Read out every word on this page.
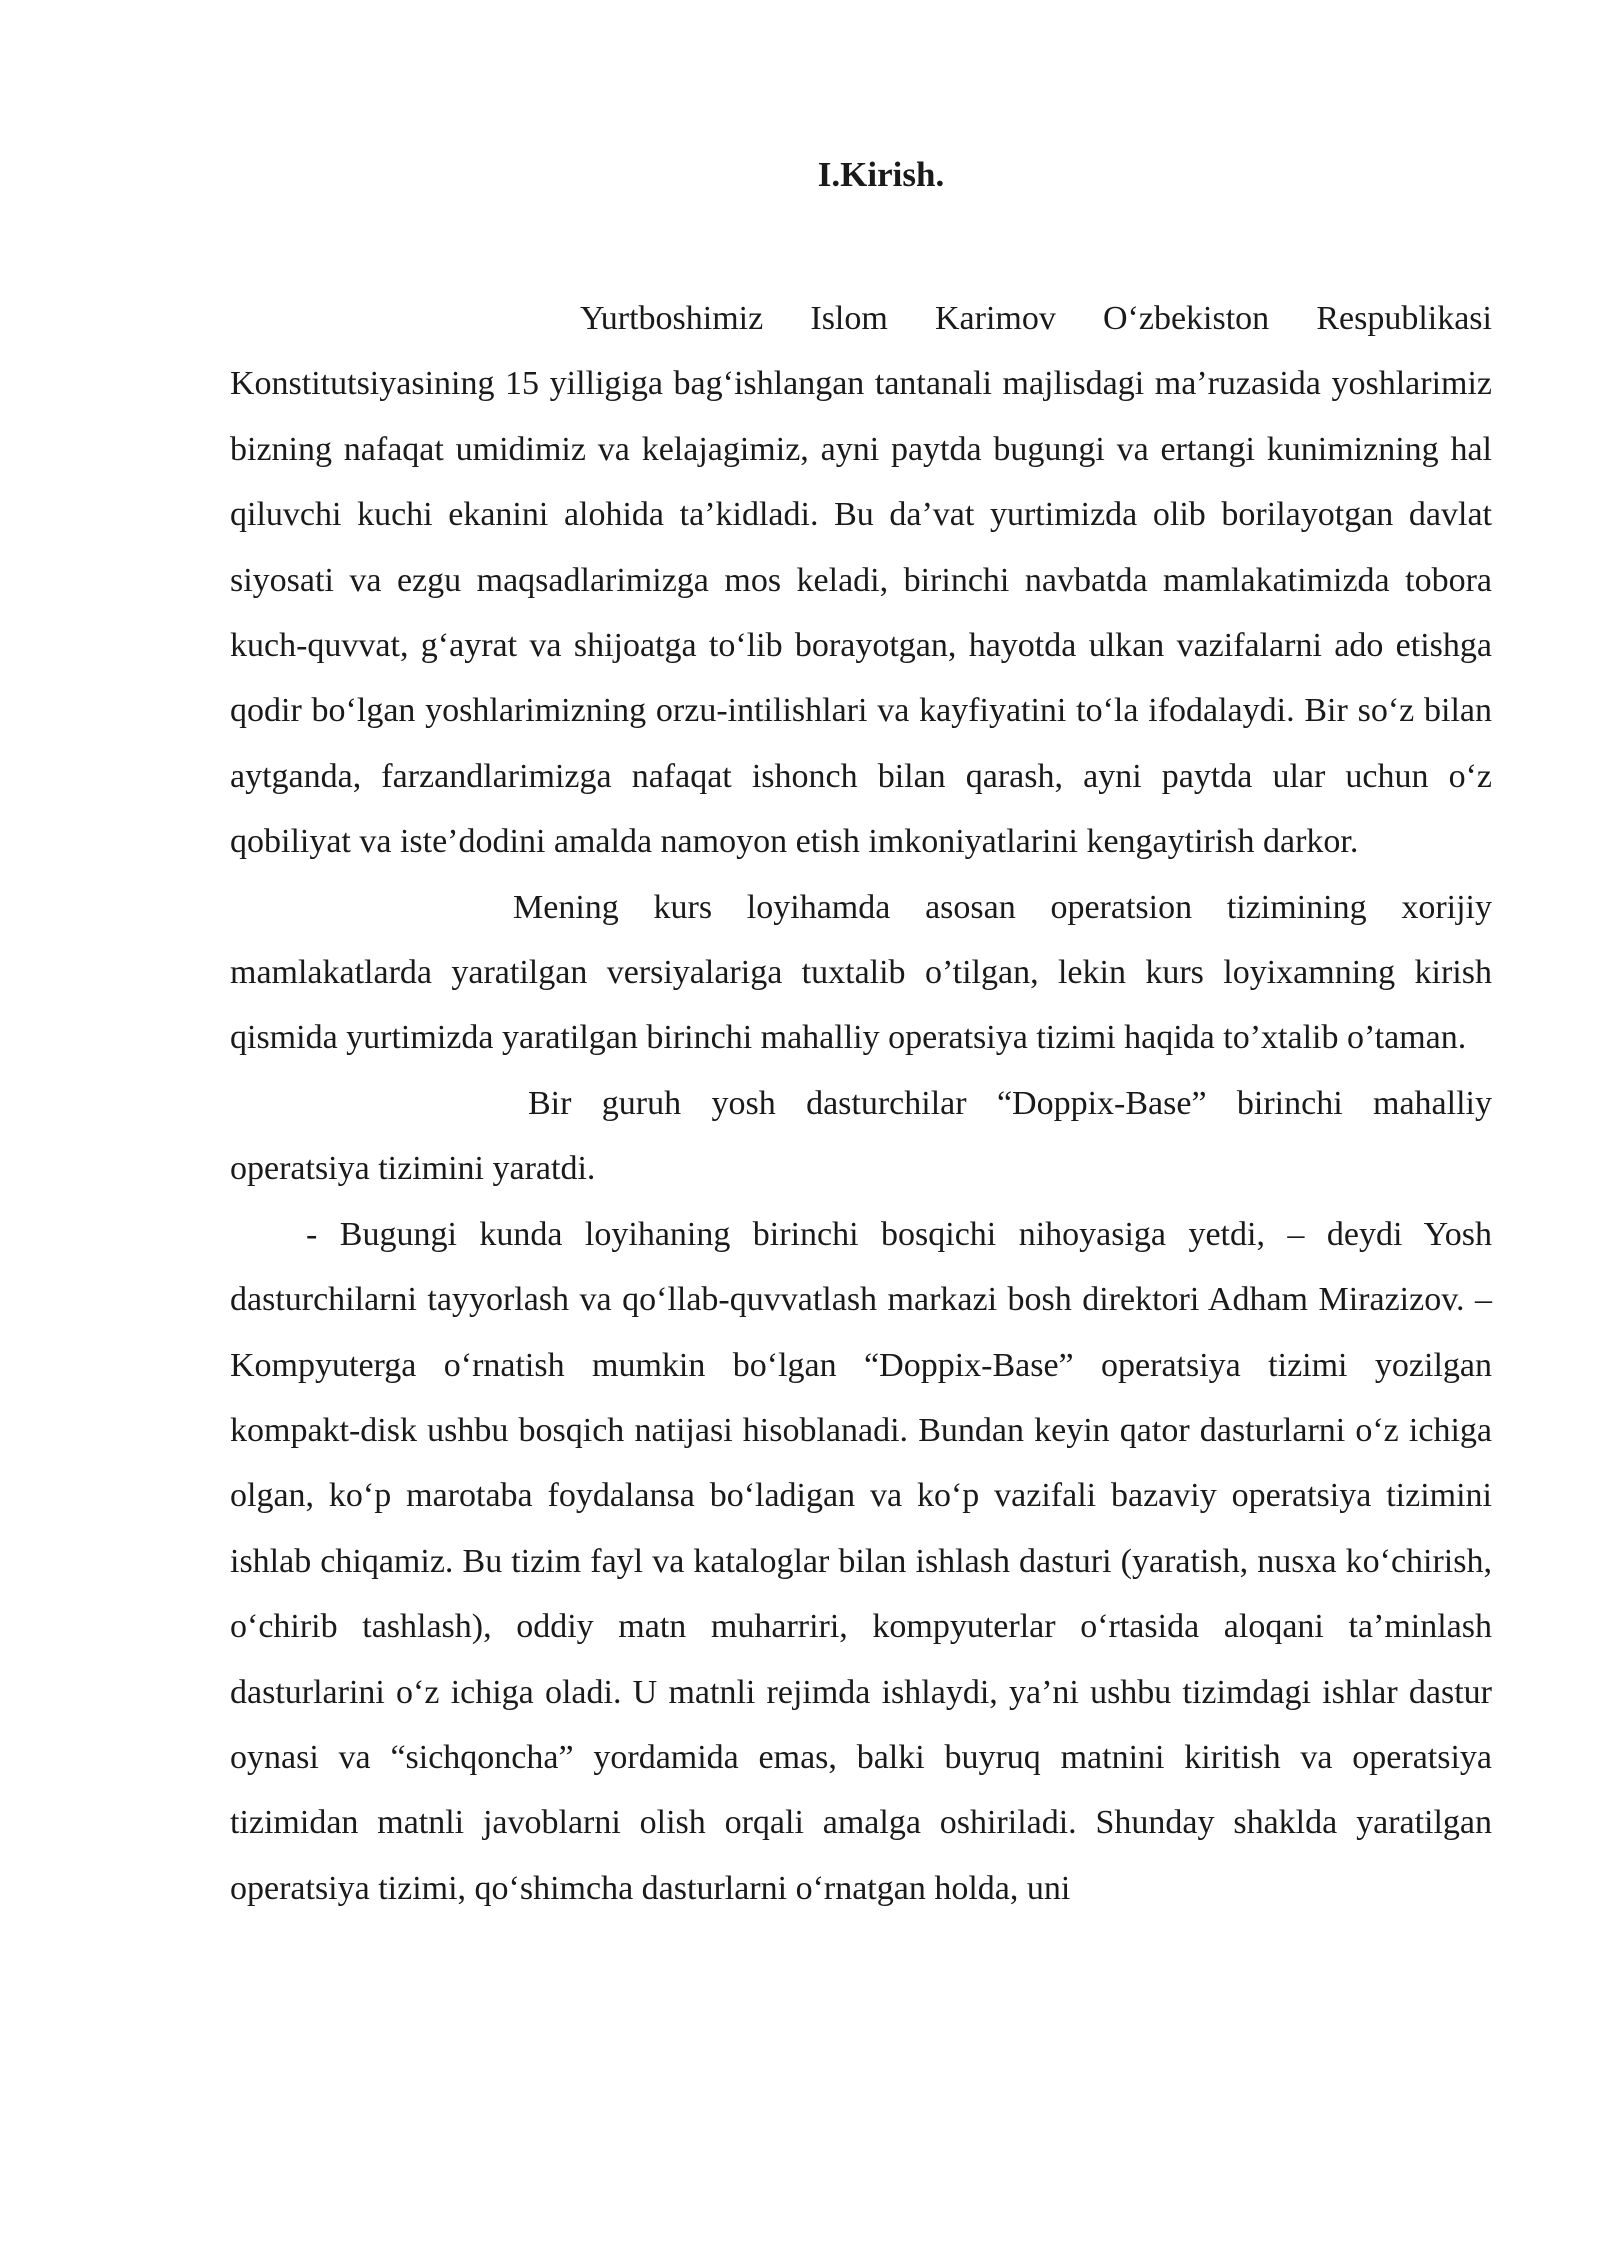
I.Kirish.

Yurtboshimiz Islom Karimov O‘zbekiston Respublikasi Konstitutsiyasining 15 yilligiga bag‘ishlangan tantanali majlisdagi ma’ruzasida yoshlarimiz bizning nafaqat umidimiz va kelajagimiz, ayni paytda bugungi va ertangi kunimizning hal qiluvchi kuchi ekanini alohida ta’kidladi. Bu da’vat yurtimizda olib borilayotgan davlat siyosati va ezgu maqsadlarimizga mos keladi, birinchi navbatda mamlakatimizda tobora kuch-quvvat, g‘ayrat va shijoatga to‘lib borayotgan, hayotda ulkan vazifalarni ado etishga qodir bo‘lgan yoshlarimizning orzu-intilishlari va kayfiyatini to‘la ifodalaydi. Bir so‘z bilan aytganda, farzandlarimizga nafaqat ishonch bilan qarash, ayni paytda ular uchun o‘z qobiliyat va iste’dodini amalda namoyon etish imkoniyatlarini kengaytirish darkor.

Mening kurs loyihamda asosan operatsion tizimining xorijiy mamlakatlarda yaratilgan versiyalariga tuxtalib o’tilgan, lekin kurs loyixamning kirish qismida yurtimizda yaratilgan birinchi mahalliy operatsiya tizimi haqida to’xtalib o’taman.

Bir guruh yosh dasturchilar “Doppix-Base” birinchi mahalliy operatsiya tizimini yaratdi.

- Bugungi kunda loyihaning birinchi bosqichi nihoyasiga yetdi, – deydi Yosh dasturchilarni tayyorlash va qo‘llab-quvvatlash markazi bosh direktori Adham Mirazizov. – Kompyuterga o‘rnatish mumkin bo‘lgan “Doppix-Base” operatsiya tizimi yozilgan kompakt-disk ushbu bosqich natijasi hisoblanadi. Bundan keyin qator dasturlarni o‘z ichiga olgan, ko‘p marotaba foydalansa bo‘ladigan va ko‘p vazifali bazaviy operatsiya tizimini ishlab chiqamiz. Bu tizim fayl va kataloglar bilan ishlash dasturi (yaratish, nusxa ko‘chirish, o‘chirib tashlash), oddiy matn muharriri, kompyuterlar o‘rtasida aloqani ta’minlash dasturlarini o‘z ichiga oladi. U matnli rejimda ishlaydi, ya’ni ushbu tizimdagi ishlar dastur oynasi va “sichqoncha” yordamida emas, balki buyruq matnini kiritish va operatsiya tizimidan matnli javoblarni olish orqali amalga oshiriladi. Shunday shaklda yaratilgan operatsiya tizimi, qo‘shimcha dasturlarni o‘rnatgan holda, uni
